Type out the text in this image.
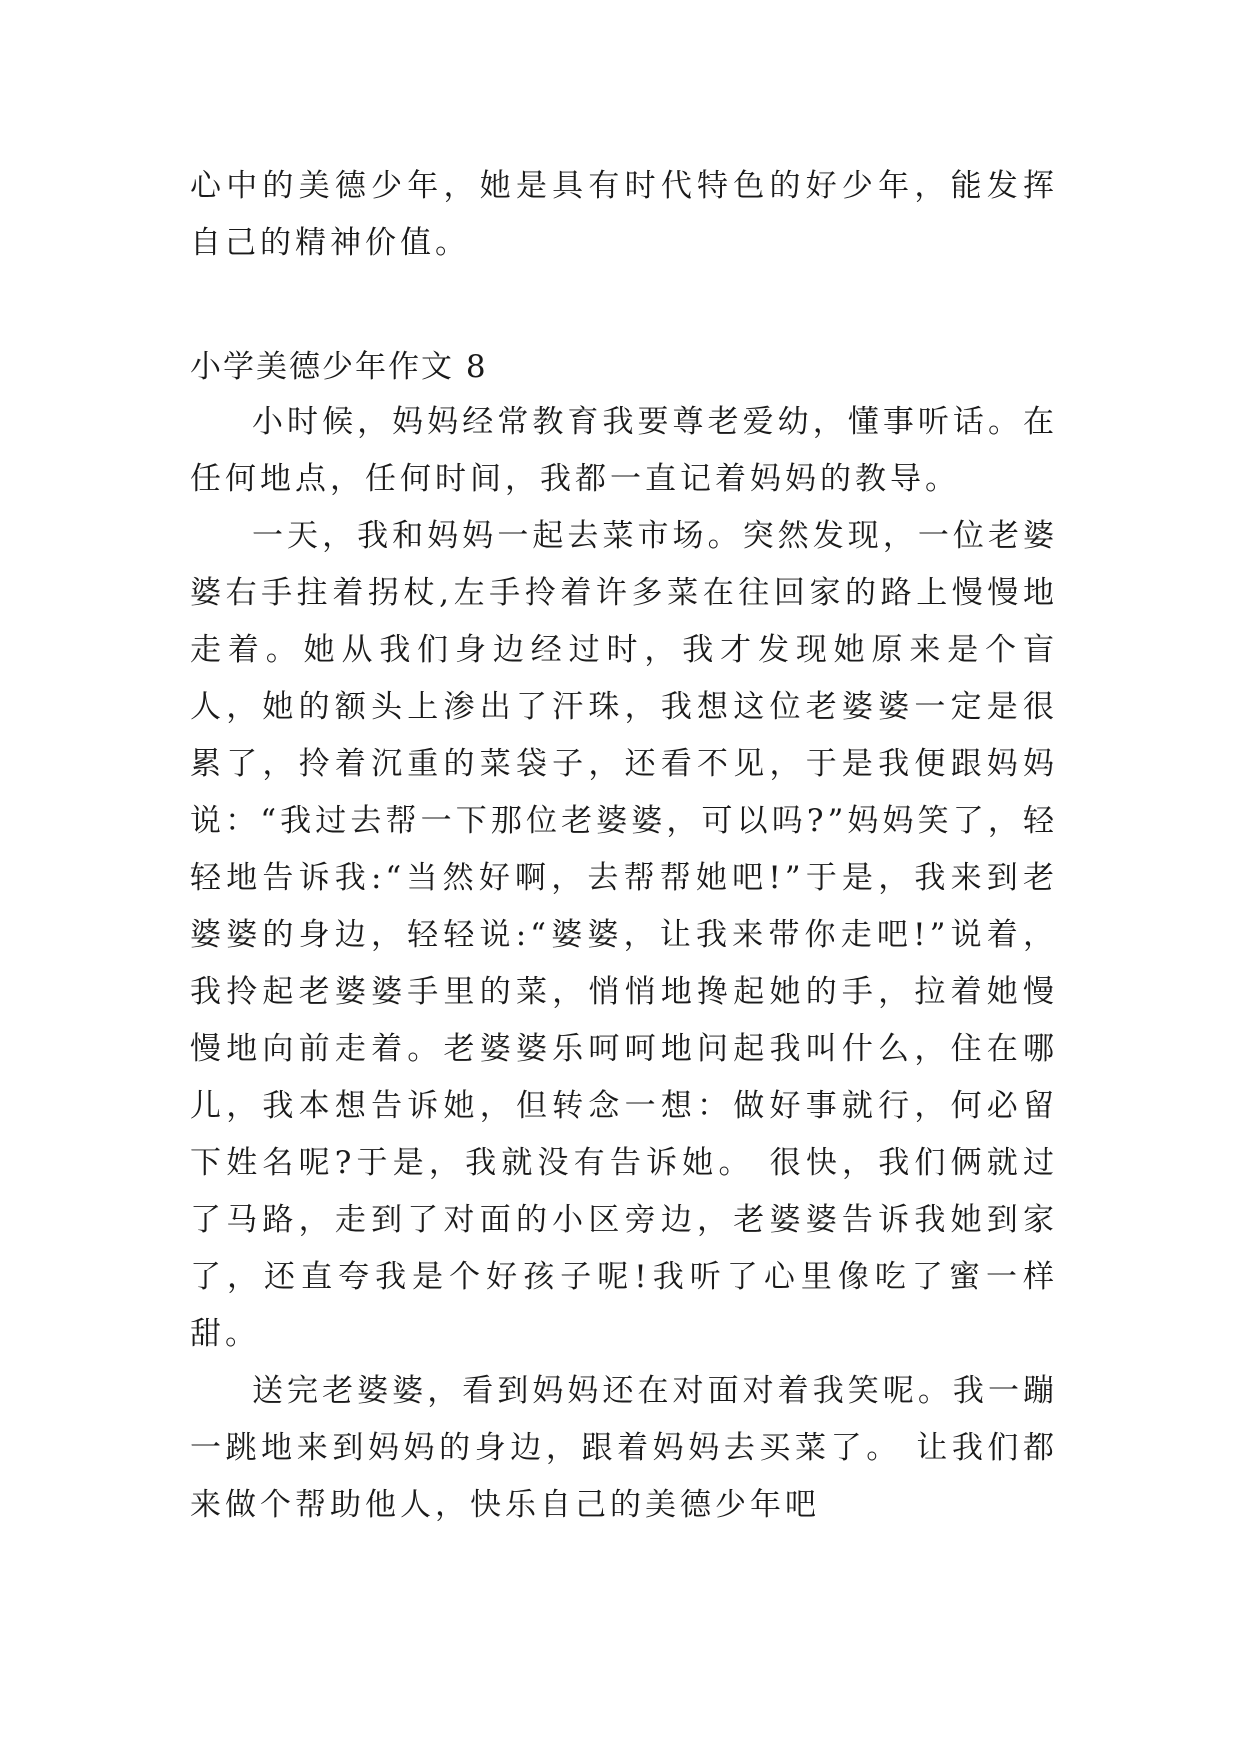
心中的美德少年，她是具有时代特色的好少年，能发挥自己的精神价值。

小学美德少年作文 8

小时候，妈妈经常教育我要尊老爱幼，懂事听话。在任何地点，任何时间，我都一直记着妈妈的教导。

一天，我和妈妈一起去菜市场。突然发现，一位老婆婆右手拄着拐杖,左手拎着许多菜在往回家的路上慢慢地走着。她从我们身边经过时，我才发现她原来是个盲人，她的额头上渗出了汗珠，我想这位老婆婆一定是很累了，拎着沉重的菜袋子，还看不见，于是我便跟妈妈说：“我过去帮一下那位老婆婆，可以吗?”妈妈笑了，轻轻地告诉我:“当然好啊，去帮帮她吧!”于是，我来到老婆婆的身边，轻轻说:“婆婆，让我来带你走吧!”说着，我拎起老婆婆手里的菜，悄悄地搀起她的手，拉着她慢慢地向前走着。老婆婆乐呵呵地问起我叫什么，住在哪儿，我本想告诉她，但转念一想：做好事就行，何必留下姓名呢?于是，我就没有告诉她。 很快，我们俩就过了马路，走到了对面的小区旁边，老婆婆告诉我她到家了，还直夸我是个好孩子呢!我听了心里像吃了蜜一样甜。

送完老婆婆，看到妈妈还在对面对着我笑呢。我一蹦一跳地来到妈妈的身边，跟着妈妈去买菜了。 让我们都来做个帮助他人，快乐自己的美德少年吧
